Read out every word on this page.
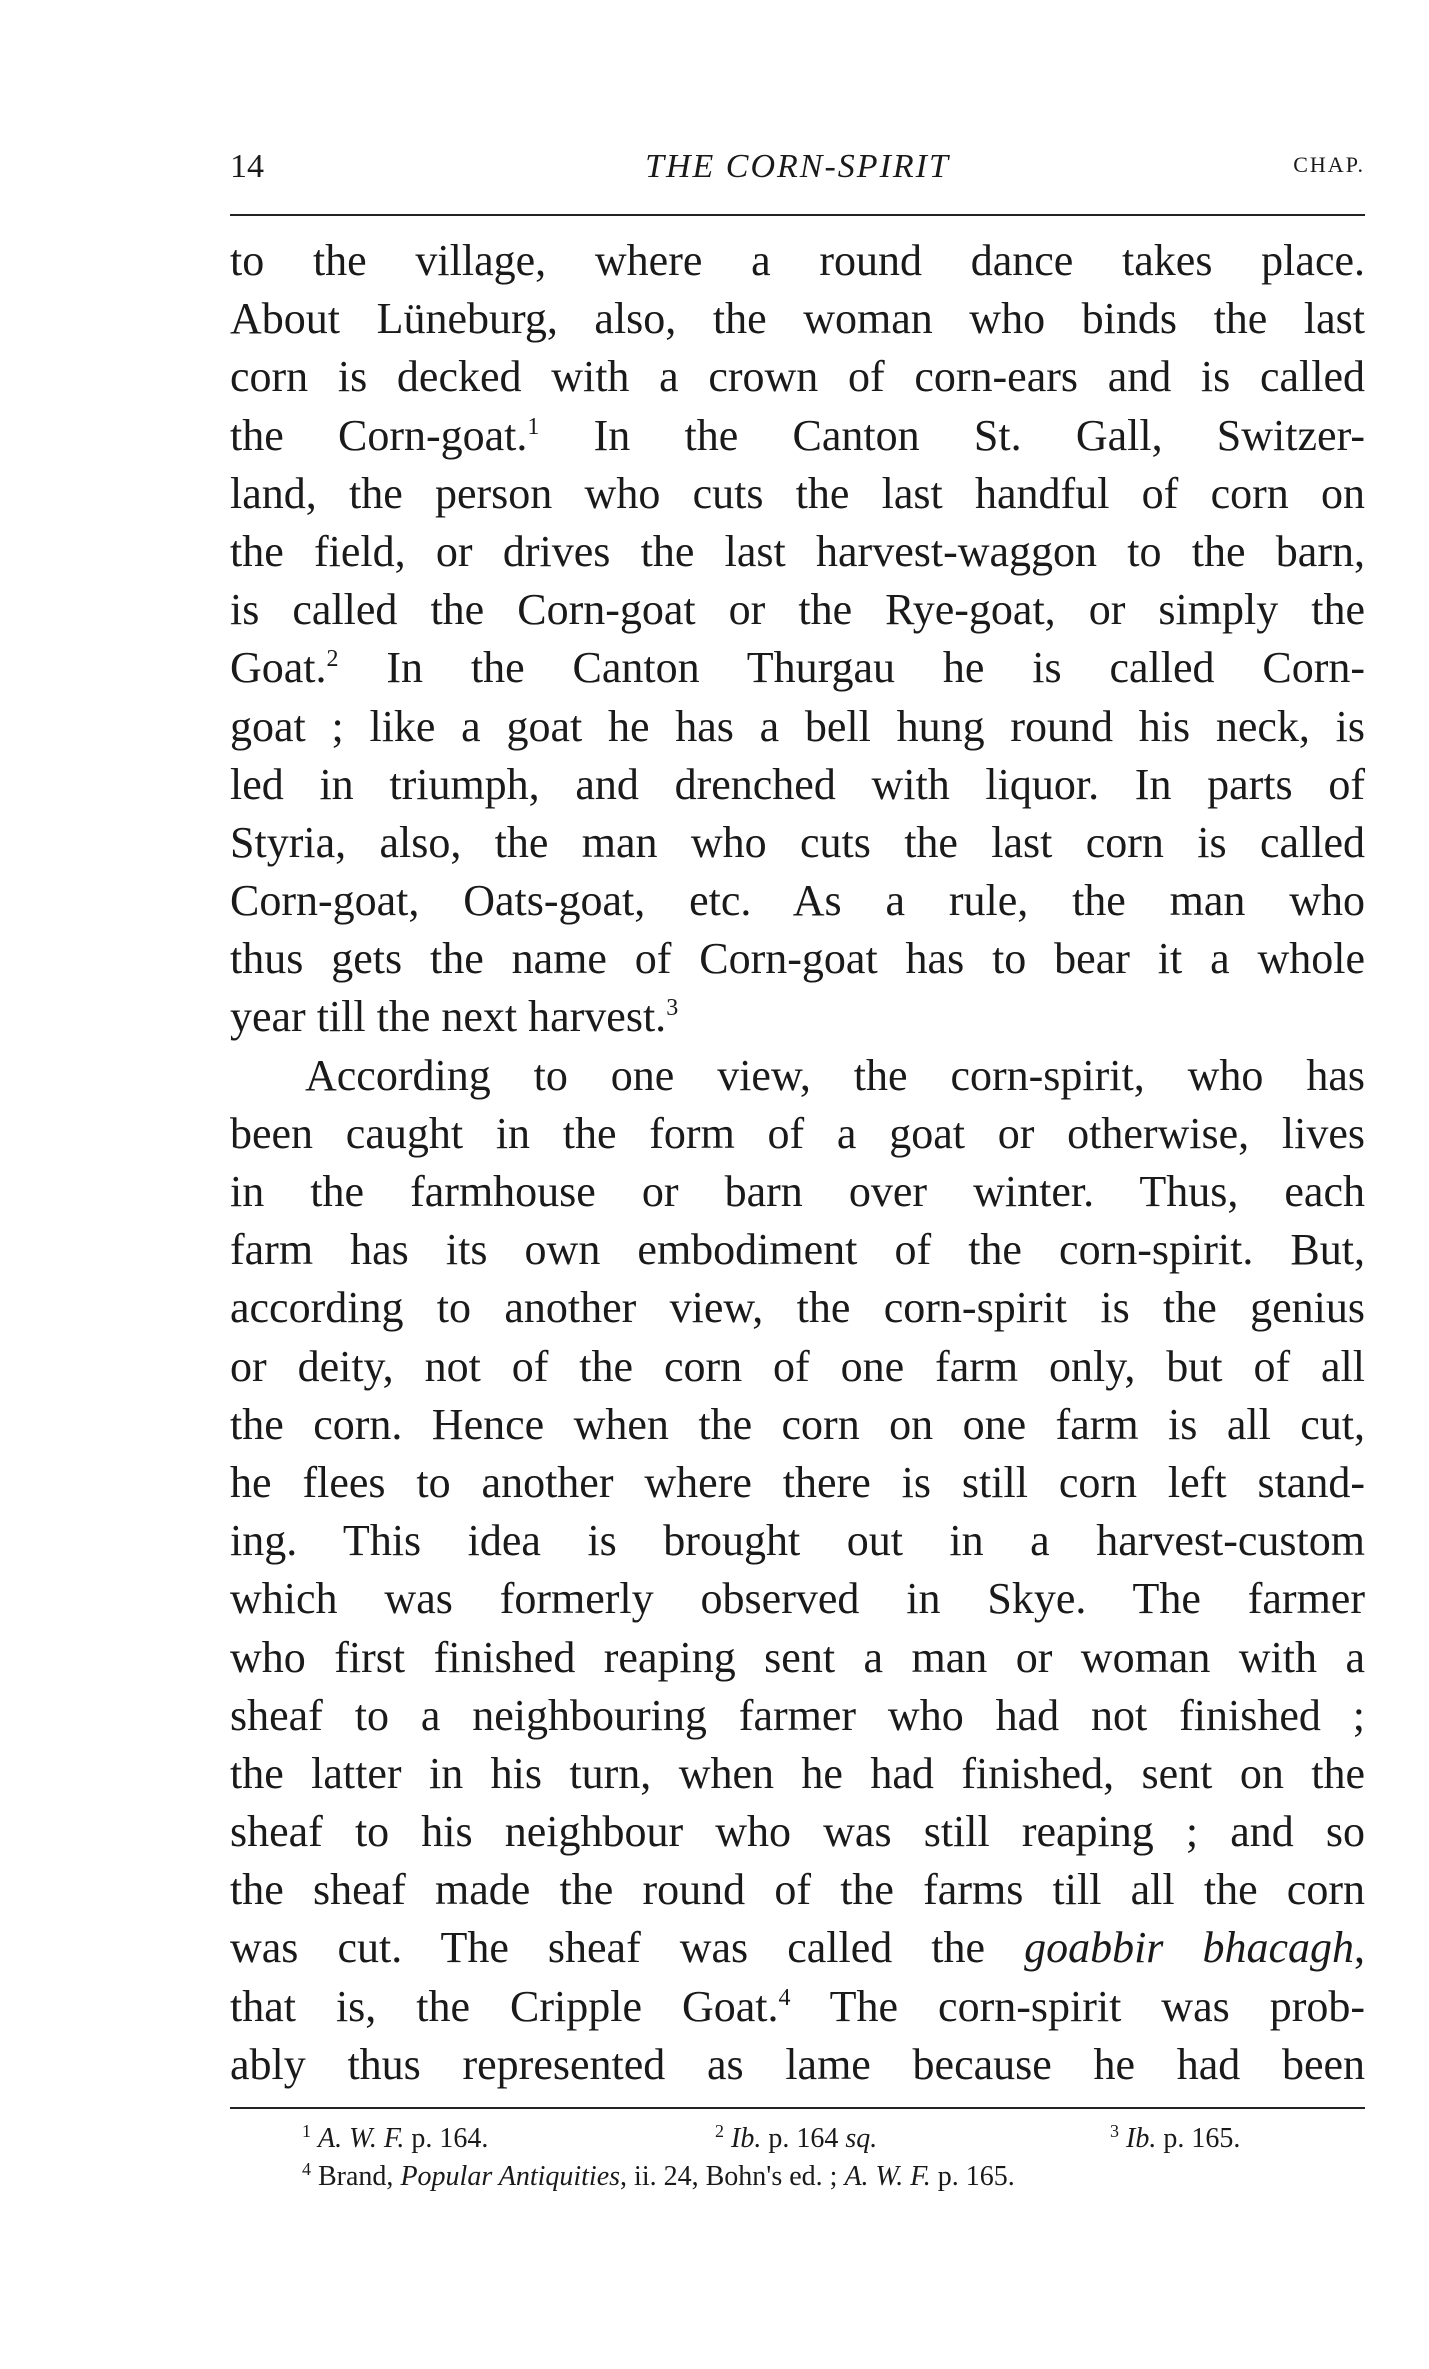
14	THE CORN-SPIRIT	CHAP.
to the village, where a round dance takes place.
About Lüneburg, also, the woman who binds the last
corn is decked with a crown of corn-ears and is called
the Corn-goat.$^1$ In the Canton St. Gall, Switzer-
land, the person who cuts the last handful of corn on
the field, or drives the last harvest-waggon to the barn,
is called the Corn-goat or the Rye-goat, or simply the
Goat.$^2$ In the Canton Thurgau he is called Corn-
goat ; like a goat he has a bell hung round his neck, is
led in triumph, and drenched with liquor. In parts of
Styria, also, the man who cuts the last corn is called
Corn-goat, Oats-goat, etc. As a rule, the man who
thus gets the name of Corn-goat has to bear it a whole
year till the next harvest.$^3$
According to one view, the corn-spirit, who has
been caught in the form of a goat or otherwise, lives
in the farmhouse or barn over winter. Thus, each
farm has its own embodiment of the corn-spirit. But,
according to another view, the corn-spirit is the genius
or deity, not of the corn of one farm only, but of all
the corn. Hence when the corn on one farm is all cut,
he flees to another where there is still corn left stand-
ing. This idea is brought out in a harvest-custom
which was formerly observed in Skye. The farmer
who first finished reaping sent a man or woman with a
sheaf to a neighbouring farmer who had not finished ;
the latter in his turn, when he had finished, sent on the
sheaf to his neighbour who was still reaping ; and so
the sheaf made the round of the farms till all the corn
was cut. The sheaf was called the goabbir bhacagh,
that is, the Cripple Goat.$^4$ The corn-spirit was prob-
ably thus represented as lame because he had been
$^1$ A. W. F. p. 164.	$^2$ Ib. p. 164 sq.	$^3$ Ib. p. 165.
$^4$ Brand, Popular Antiquities, ii. 24, Bohn's ed. ; A. W. F. p. 165.
